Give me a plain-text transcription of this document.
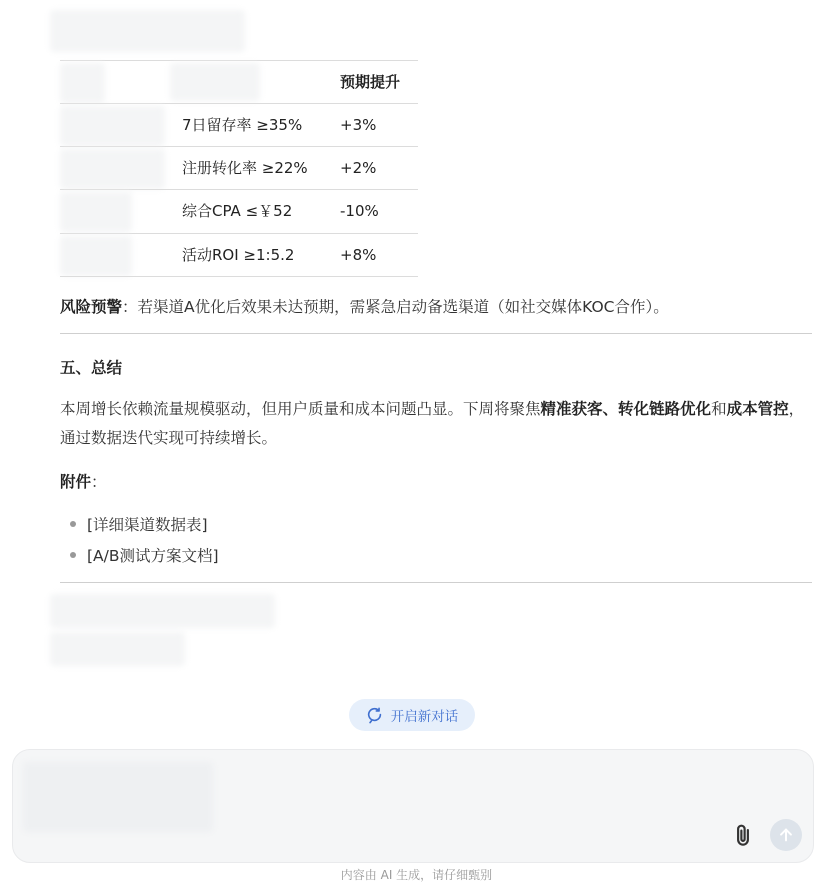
预期提升
7日留存率 ≥35%	+3%
注册转化率 ≥22% +2%
综合CPA ≤￥52	-10%
活动ROI ≥1:5.2	+8%
风险预警：若渠道A优化后效果未达预期，需紧急启动备选渠道（如社交媒体KOC合作）。
五、总结
本周增长依赖流量规模驱动，但用户质量和成本问题凸显。下周将聚焦精准获客、转化链路优化和成本管控，通过数据迭代实现可持续增长。
附件：
[详细渠道数据表]
[A/B测试方案文档]
开启新对话
内容由 AI 生成，请仔细甄别
